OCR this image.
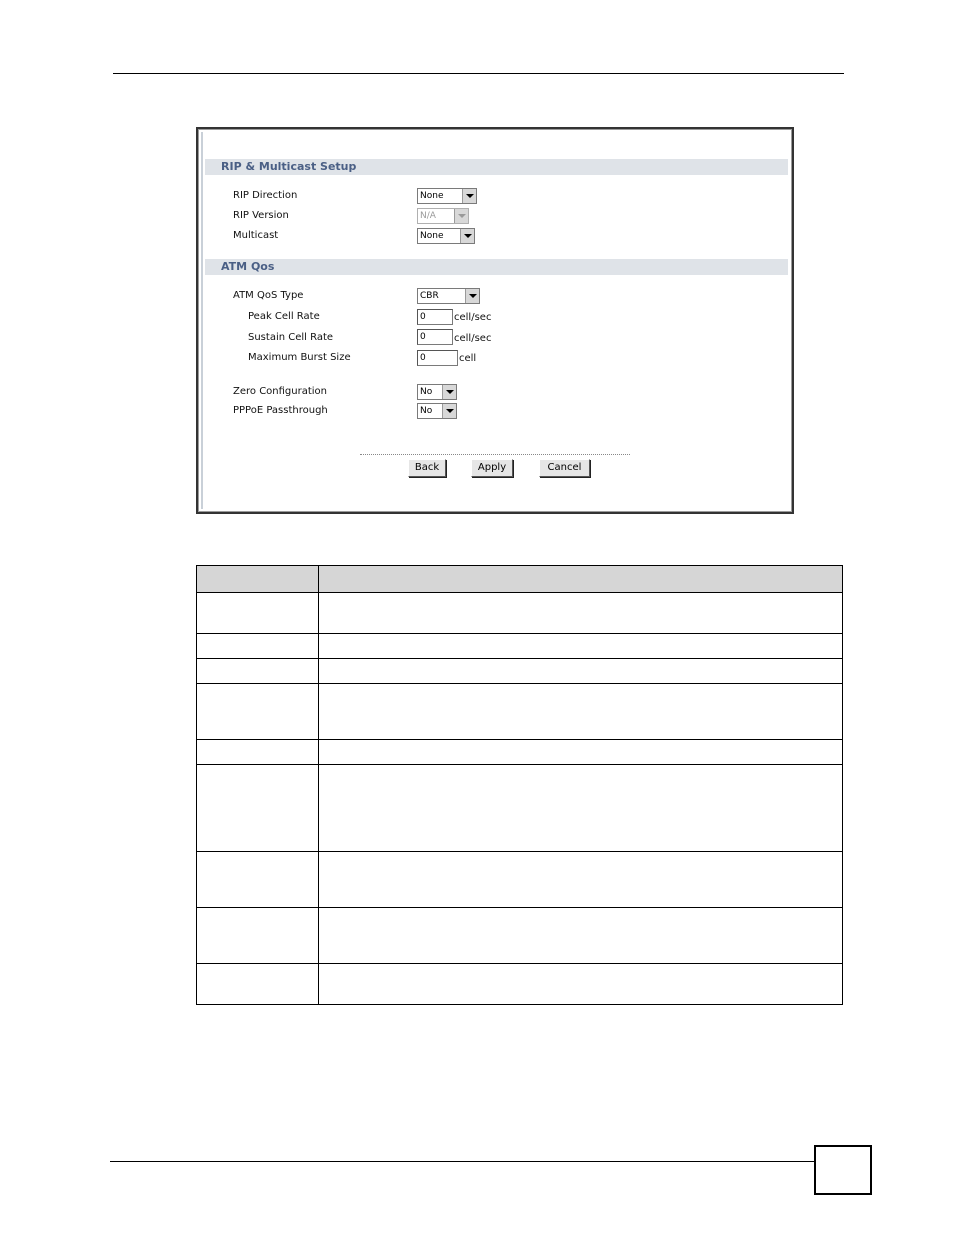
RIP & Multicast Setup
RIP Direction	None
RIP Version	N/A
Multicast	None
ATM Qos
ATM QoS Type	CBR
Peak Cell Rate	0	cell/sec
Sustain Cell Rate	0	cell/sec
Maximum Burst Size	0	cell
Zero Configuration	No
PPPoE Passthrough	No
Back	Apply	Cancel
